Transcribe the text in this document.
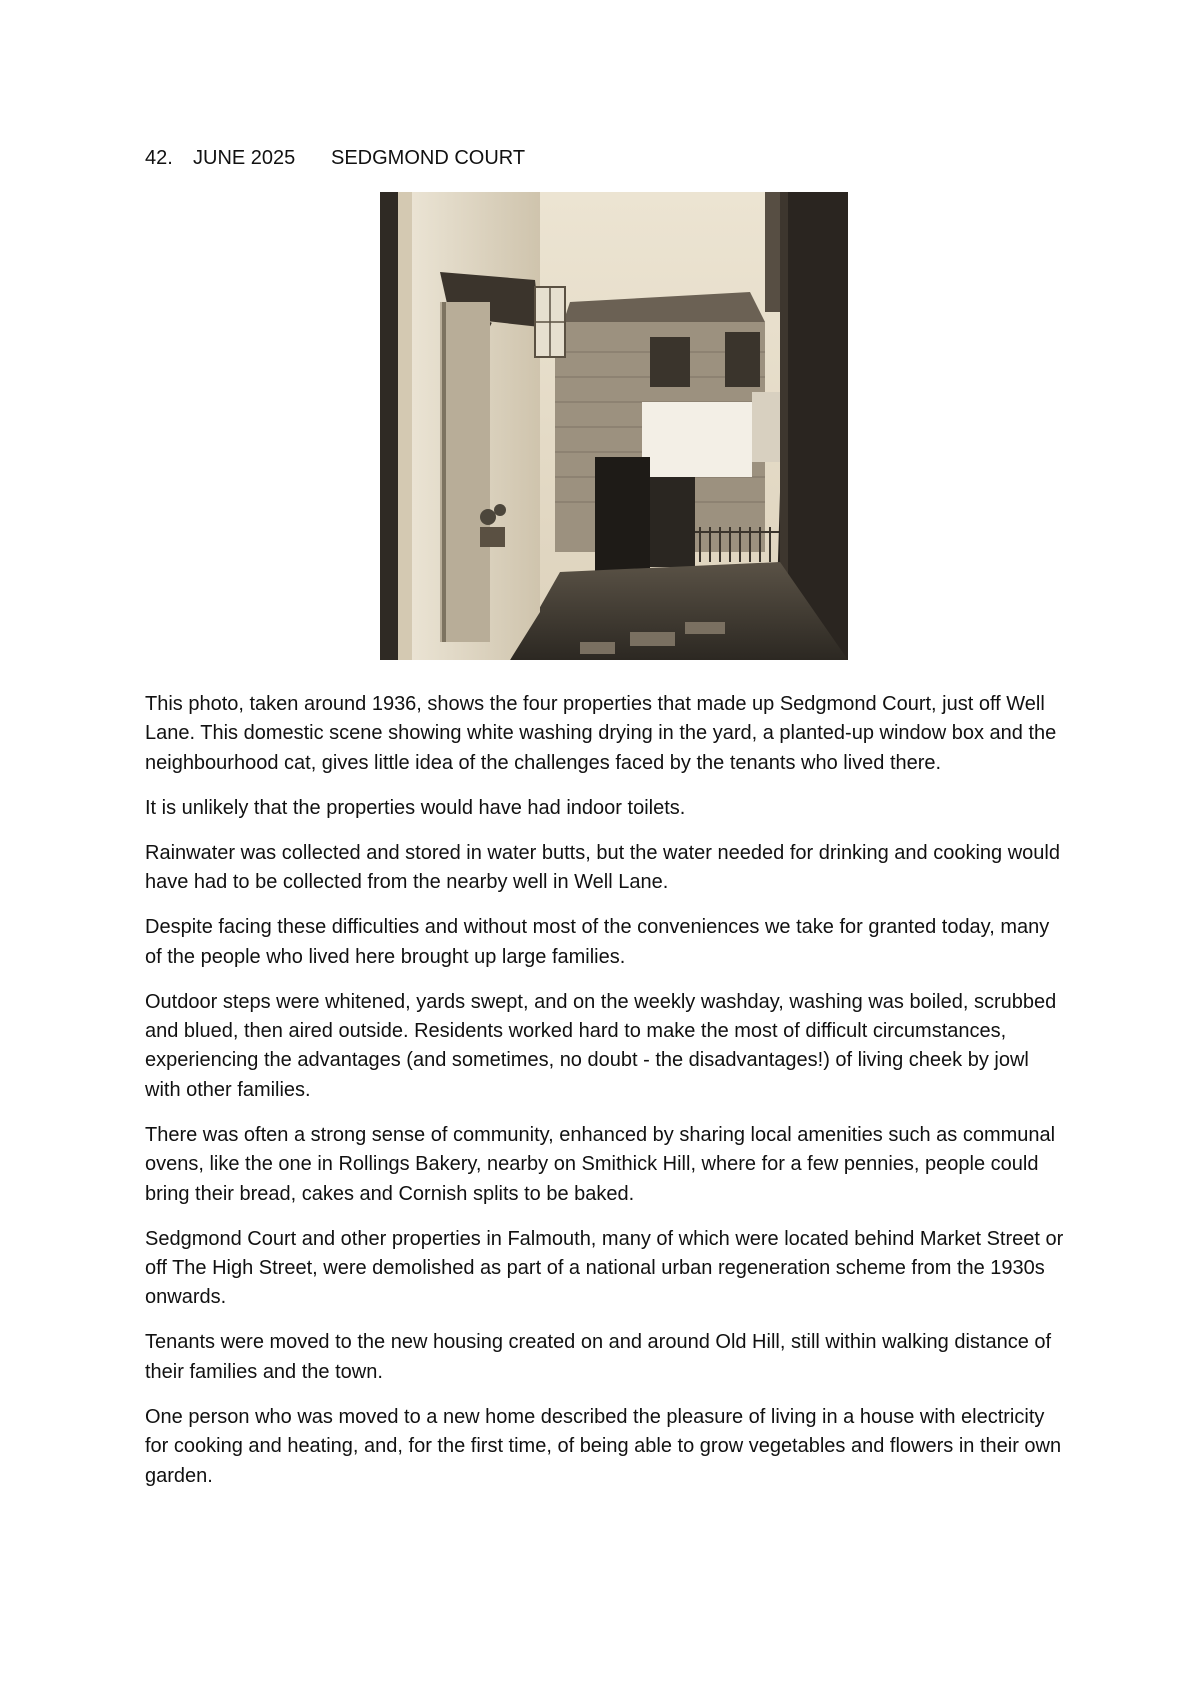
42. JUNE 2025 SEDGMOND COURT

This photo, taken around 1936, shows the four properties that made up Sedgmond Court, just off Well Lane. This domestic scene showing white washing drying in the yard, a planted-up window box and the neighbourhood cat, gives little idea of the challenges faced by the tenants who lived there.

It is unlikely that the properties would have had indoor toilets.

Rainwater was collected and stored in water butts, but the water needed for drinking and cooking would have had to be collected from the nearby well in Well Lane.

Despite facing these difficulties and without most of the conveniences we take for granted today, many of the people who lived here brought up large families.

Outdoor steps were whitened, yards swept, and on the weekly washday, washing was boiled, scrubbed and blued, then aired outside. Residents worked hard to make the most of difficult circumstances, experiencing the advantages (and sometimes, no doubt - the disadvantages!) of living cheek by jowl with other families.

There was often a strong sense of community, enhanced by sharing local amenities such as communal ovens, like the one in Rollings Bakery, nearby on Smithick Hill, where for a few pennies, people could bring their bread, cakes and Cornish splits to be baked.

Sedgmond Court and other properties in Falmouth, many of which were located behind Market Street or off The High Street, were demolished as part of a national urban regeneration scheme from the 1930s onwards.

Tenants were moved to the new housing created on and around Old Hill, still within walking distance of their families and the town.

One person who was moved to a new home described the pleasure of living in a house with electricity for cooking and heating, and, for the first time, of being able to grow vegetables and flowers in their own garden.
